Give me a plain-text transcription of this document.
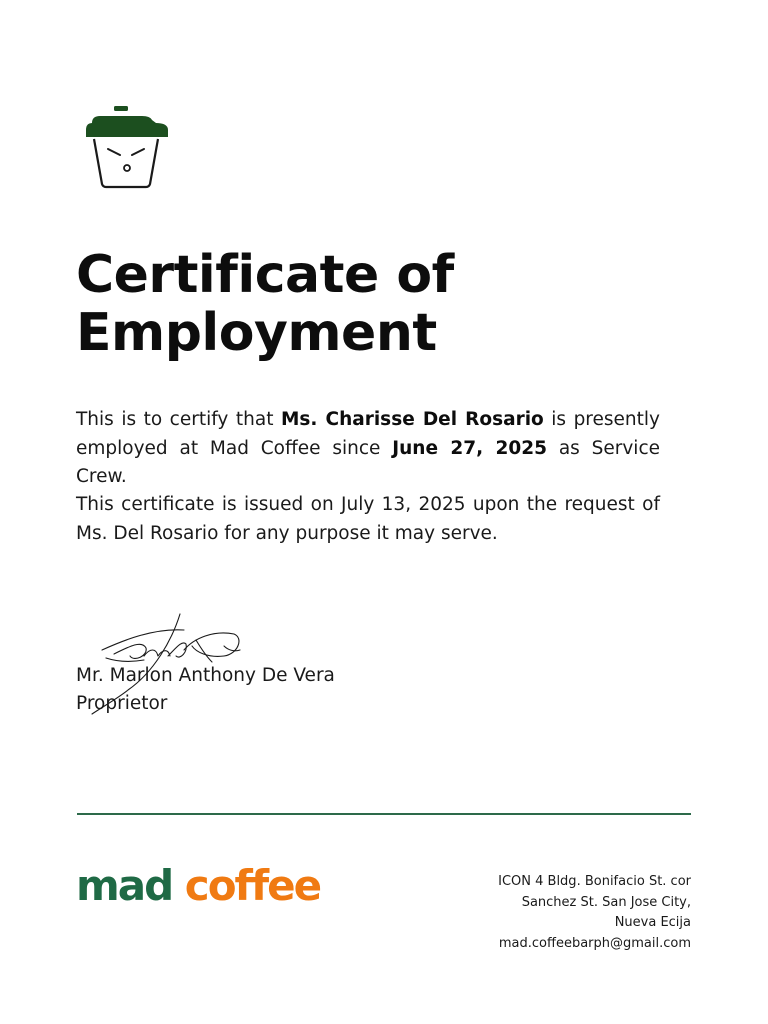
Certificate of
Employment

This is to certify that Ms. Charisse Del Rosario is presently employed at Mad Coffee since June 27, 2025 as Service Crew.

This certificate is issued on July 13, 2025 upon the request of Ms. Del Rosario for any purpose it may serve.

Mr. Marlon Anthony De Vera
Proprietor
mad coffee	ICON 4 Bldg. Bonifacio St. cor
Sanchez St. San Jose City,
Nueva Ecija
mad.coffeebarph@gmail.com
